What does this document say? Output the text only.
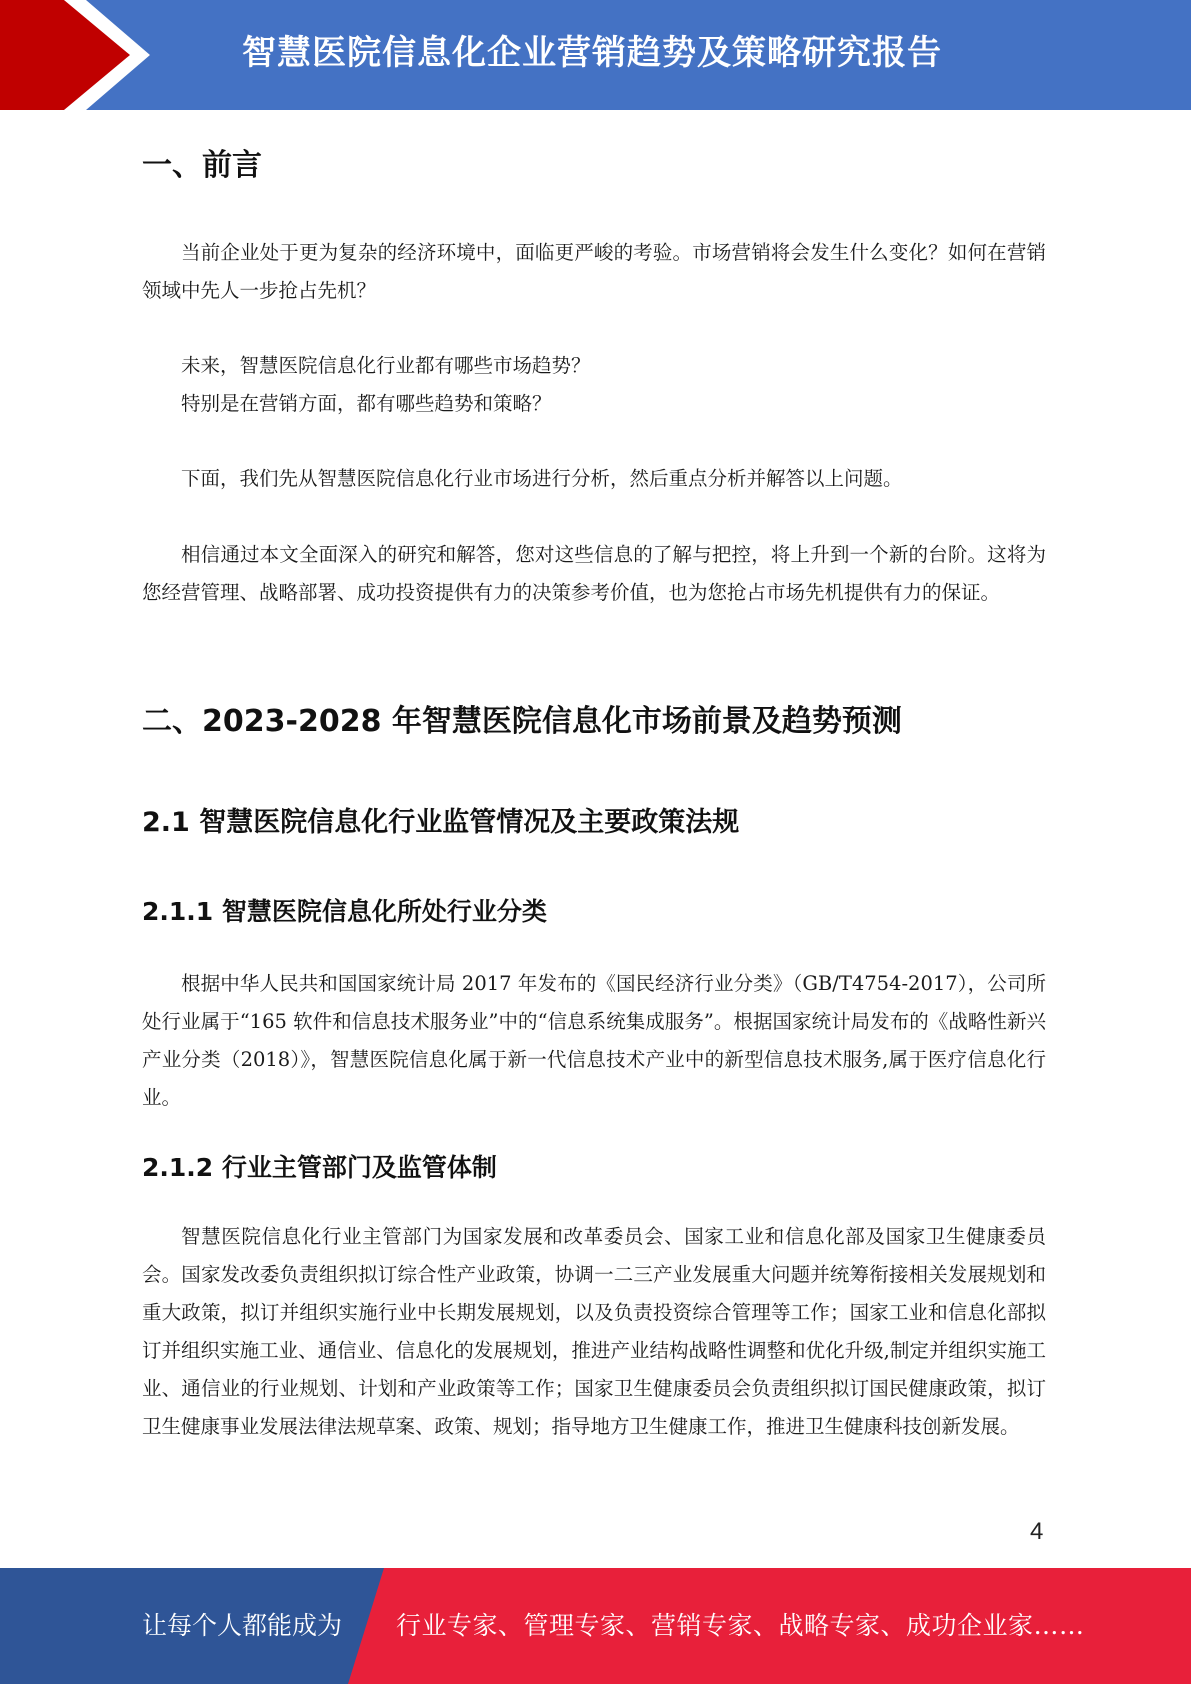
智慧医院信息化企业营销趋势及策略研究报告
一、前言

当前企业处于更为复杂的经济环境中，面临更严峻的考验。市场营销将会发生什么变化？如何在营销领域中先人一步抢占先机？

未来，智慧医院信息化行业都有哪些市场趋势？

特别是在营销方面，都有哪些趋势和策略？

下面，我们先从智慧医院信息化行业市场进行分析，然后重点分析并解答以上问题。

相信通过本文全面深入的研究和解答，您对这些信息的了解与把控，将上升到一个新的台阶。这将为您经营管理、战略部署、成功投资提供有力的决策参考价值，也为您抢占市场先机提供有力的保证。

二、2023-2028 年智慧医院信息化市场前景及趋势预测
2.1 智慧医院信息化行业监管情况及主要政策法规
2.1.1 智慧医院信息化所处行业分类

根据中华人民共和国国家统计局 2017 年发布的《国民经济行业分类》（GB/T4754-2017），公司所处行业属于“165 软件和信息技术服务业”中的“信息系统集成服务”。根据国家统计局发布的《战略性新兴产业分类（2018）》，智慧医院信息化属于新一代信息技术产业中的新型信息技术服务,属于医疗信息化行业。

2.1.2 行业主管部门及监管体制

智慧医院信息化行业主管部门为国家发展和改革委员会、国家工业和信息化部及国家卫生健康委员会。国家发改委负责组织拟订综合性产业政策，协调一二三产业发展重大问题并统筹衔接相关发展规划和重大政策，拟订并组织实施行业中长期发展规划，以及负责投资综合管理等工作；国家工业和信息化部拟订并组织实施工业、通信业、信息化的发展规划，推进产业结构战略性调整和优化升级,制定并组织实施工业、通信业的行业规划、计划和产业政策等工作；国家卫生健康委员会负责组织拟订国民健康政策，拟订卫生健康事业发展法律法规草案、政策、规划；指导地方卫生健康工作，推进卫生健康科技创新发展。

4
让每个人都能成为 行业专家、管理专家、营销专家、战略专家、成功企业家……
